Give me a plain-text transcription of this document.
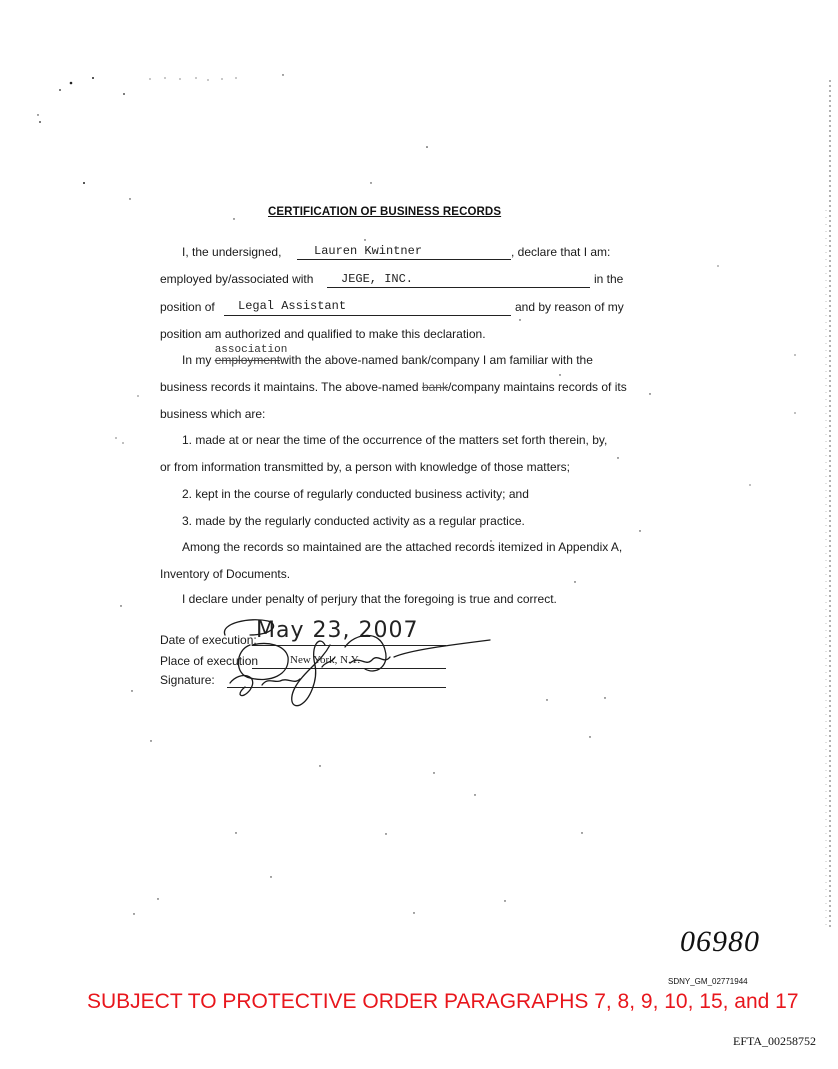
CERTIFICATION OF BUSINESS RECORDS
I, the undersigned,	Lauren Kwintner	, declare that I am:
employed by/associated with JEGE, INC.	in the
position of Legal Assistant	and by reason of my
position am authorized and qualified to make this declaration.
In my employment
association
with the above-named bank/company I am familiar with the
business records it maintains. The above-named bank/company maintains records of its
business which are:
1. made at or near the time of the occurrence of the matters set forth therein, by,
or from information transmitted by, a person with knowledge of those matters;
2. kept in the course of regularly conducted business activity; and
3. made by the regularly conducted activity as a regular practice.
Among the records so maintained are the attached records itemized in Appendix A,
Inventory of Documents.
I declare under penalty of perjury that the foregoing is true and correct.
Date of execution: May 23, 2007
Place of execution	New York, N.Y.
Signature:
06980
SDNY_GM_02771944
SUBJECT TO PROTECTIVE ORDER PARAGRAPHS 7, 8, 9, 10, 15, and 17
EFTA_00258752
